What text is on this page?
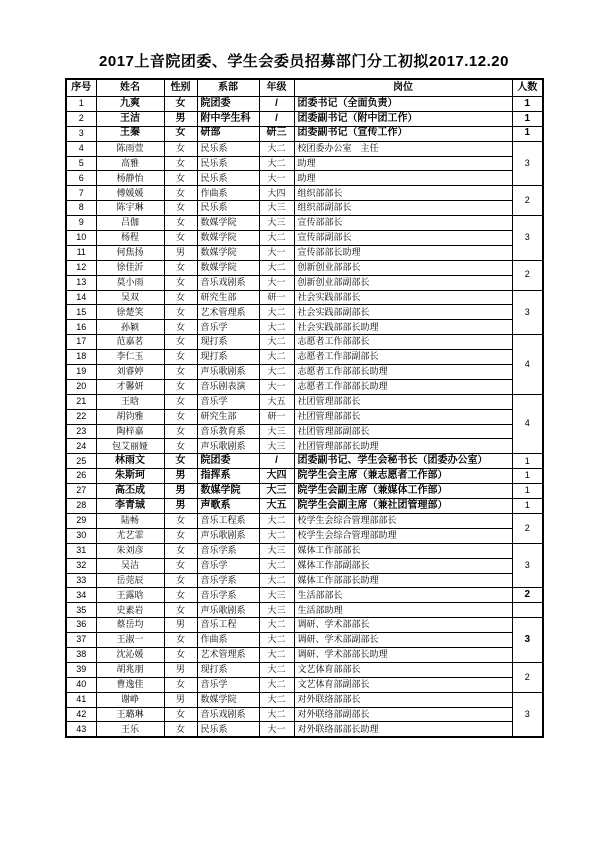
2017上音院团委、学生会委员招募部门分工初拟2017.12.20
序号	姓名	性别	系部	年级	岗位	人数
1	九爽	女	院团委	/	团委书记（全面负责）	1
2	王洁	男	附中学生科	/	团委副书记（附中团工作）	1
3	王秦	女	研部	研三	团委副书记（宣传工作）	1
4	陈雨萱	女	民乐系	大二	校团委办公室　主任	3
5	高雅	女	民乐系	大二	助理	
6	杨静怡	女	民乐系	大一	助理	
7	傅媛媛	女	作曲系	大四	组织部部长	2
8	陈宇琳	女	民乐系	大三	组织部副部长	
9	吕伽	女	数媒学院	大三	宣传部部长	3
10	杨程	女	数媒学院	大二	宣传部副部长	
11	何焦扬	男	数媒学院	大一	宣传部部长助理	
12	徐佳沂	女	数媒学院	大二	创新创业部部长	2
13	莫小雨	女	音乐戏剧系	大一	创新创业部副部长	
14	吴双	女	研究生部	研一	社会实践部部长	3
15	徐楚笑	女	艺术管理系	大二	社会实践部副部长	
16	孙颖	女	音乐学	大二	社会实践部部长助理	
17	范嘉茗	女	现打系	大二	志愿者工作部部长	4
18	李仁玉	女	现打系	大二	志愿者工作部副部长	
19	刘睿婷	女	声乐歌剧系	大二	志愿者工作部部长助理	
20	才馨妍	女	音乐剧表演	大一	志愿者工作部部长助理	
21	王晗	女	音乐学	大五	社团管理部部长	4
22	胡钧雅	女	研究生部	研一	社团管理部部长	
23	陶梓嘉	女	音乐教育系	大三	社团管理部副部长	
24	包艾丽娅	女	声乐歌剧系	大三	社团管理部部长助理	
25	林雨文	女	院团委	/	团委副书记、学生会秘书长（团委办公室）	1
26	朱斯珂	男	指挥系	大四	院学生会主席（兼志愿者工作部）	1
27	高丕成	男	数媒学院	大三	院学生会副主席（兼媒体工作部）	1
28	李青珹	男	声歌系	大五	院学生会副主席（兼社团管理部）	1
29	陆畅	女	音乐工程系	大二	校学生会综合管理部部长	2
30	尤艺霏	女	声乐歌剧系	大二	校学生会综合管理部助理	
31	朱刘彦	女	音乐学系	大三	媒体工作部部长	3
32	吴洁	女	音乐学	大二	媒体工作部副部长	
33	岳莞辰	女	音乐学系	大二	媒体工作部部长助理	
34	王露晗	女	音乐学系	大三	生活部部长	2
35	史素岩	女	声乐歌剧系	大三	生活部助理	
36	蔡岳均	男	音乐工程	大二	调研、学术部部长	3
37	王淑一	女	作曲系	大二	调研、学术部副部长	
38	沈沁媛	女	艺术管理系	大二	调研、学术部部长助理	
39	胡兆朋	男	现打系	大二	文艺体育部部长	2
40	曹逸佳	女	音乐学	大二	文艺体育部副部长	
41	谢峥	男	数媒学院	大二	对外联络部部长	3
42	王璐琳	女	音乐戏剧系	大二	对外联络部副部长	
43	王乐	女	民乐系	大一	对外联络部部长助理	
